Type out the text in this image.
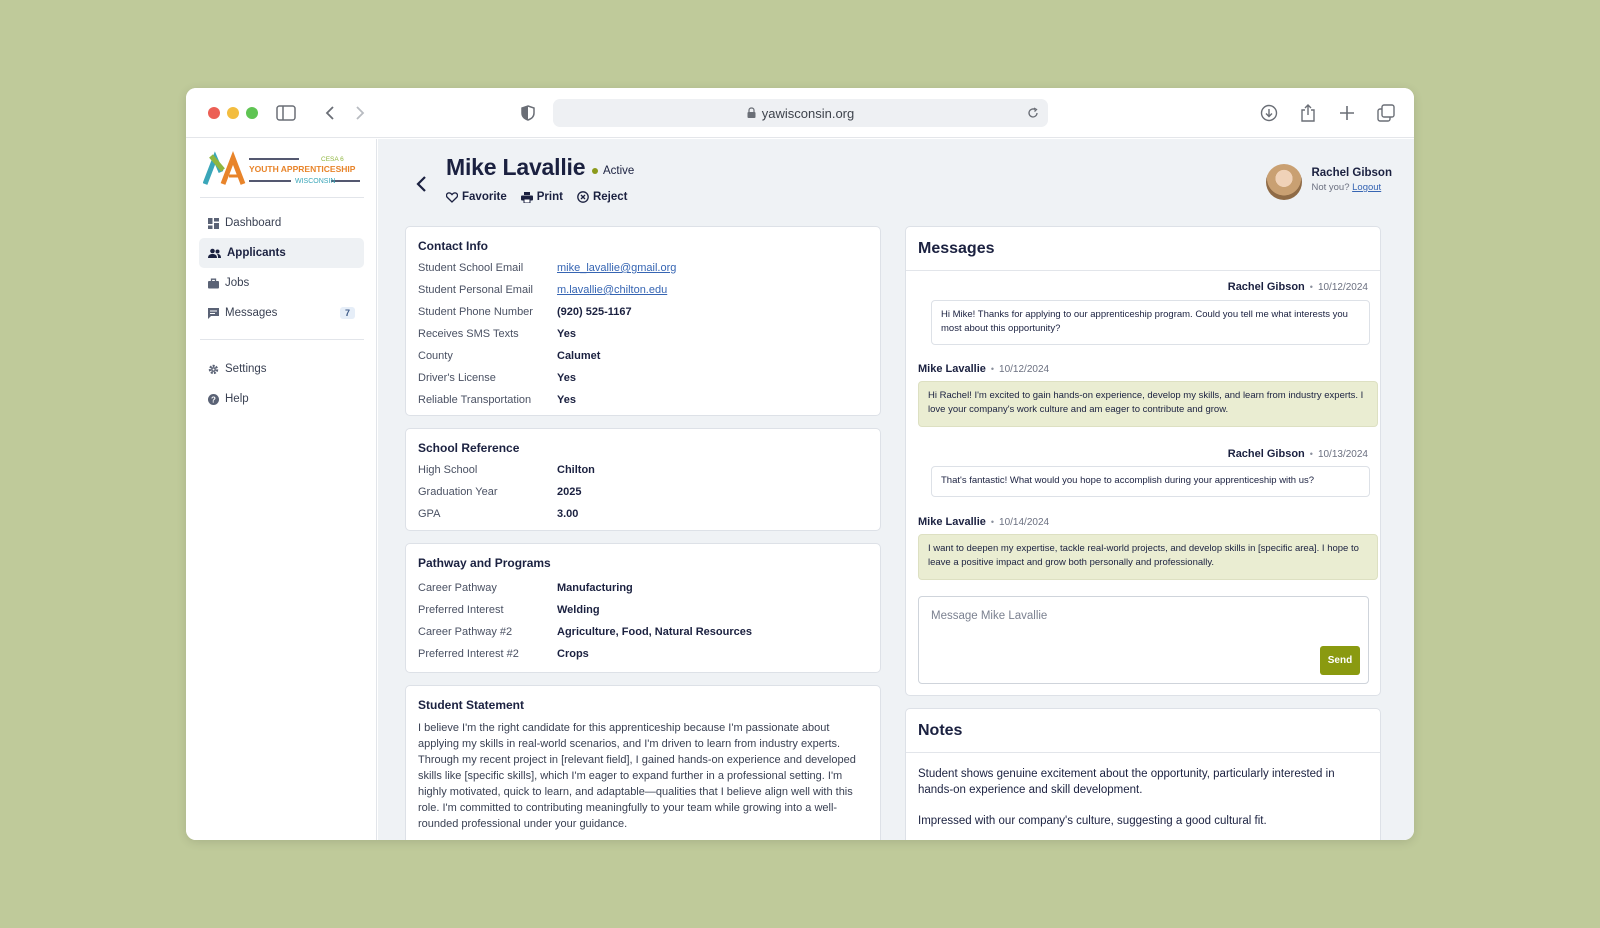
yawisconsin.org
CESA 6
YOUTH APPRENTICESHIP
WISCONSIN
Dashboard
Applicants
Jobs
Messages	7
Settings
? Help
Mike Lavallie Active
Favorite	Print	Reject
Rachel Gibson
Not you? Logout
Contact Info
Student School Email	mike_lavallie@gmail.org
Student Personal Email	m.lavallie@chilton.edu
Student Phone Number	(920) 525-1167
Receives SMS Texts	Yes
County	Calumet
Driver's License	Yes
Reliable Transportation	Yes
School Reference
High School	Chilton
Graduation Year	2025
GPA	3.00
Pathway and Programs
Career Pathway	Manufacturing
Preferred Interest	Welding
Career Pathway #2	Agriculture, Food, Natural Resources
Preferred Interest #2	Crops
Student Statement
I believe I'm the right candidate for this apprenticeship because I'm passionate about applying my skills in real-world scenarios, and I'm driven to learn from industry experts. Through my recent project in [relevant field], I gained hands-on experience and developed skills like [specific skills], which I'm eager to expand further in a professional setting. I'm highly motivated, quick to learn, and adaptable—qualities that I believe align well with this role. I'm committed to contributing meaningfully to your team while growing into a well-rounded professional under your guidance.
Messages
Rachel Gibson • 10/12/2024
Hi Mike! Thanks for applying to our apprenticeship program. Could you tell me what interests you most about this opportunity?
Mike Lavallie • 10/12/2024
Hi Rachel! I'm excited to gain hands-on experience, develop my skills, and learn from industry experts. I love your company's work culture and am eager to contribute and grow.
Rachel Gibson • 10/13/2024
That's fantastic! What would you hope to accomplish during your apprenticeship with us?
Mike Lavallie • 10/14/2024
I want to deepen my expertise, tackle real-world projects, and develop skills in [specific area]. I hope to leave a positive impact and grow both personally and professionally.
Message Mike Lavallie
Send
Notes
Student shows genuine excitement about the opportunity, particularly interested in hands-on experience and skill development.
Impressed with our company's culture, suggesting a good cultural fit.
